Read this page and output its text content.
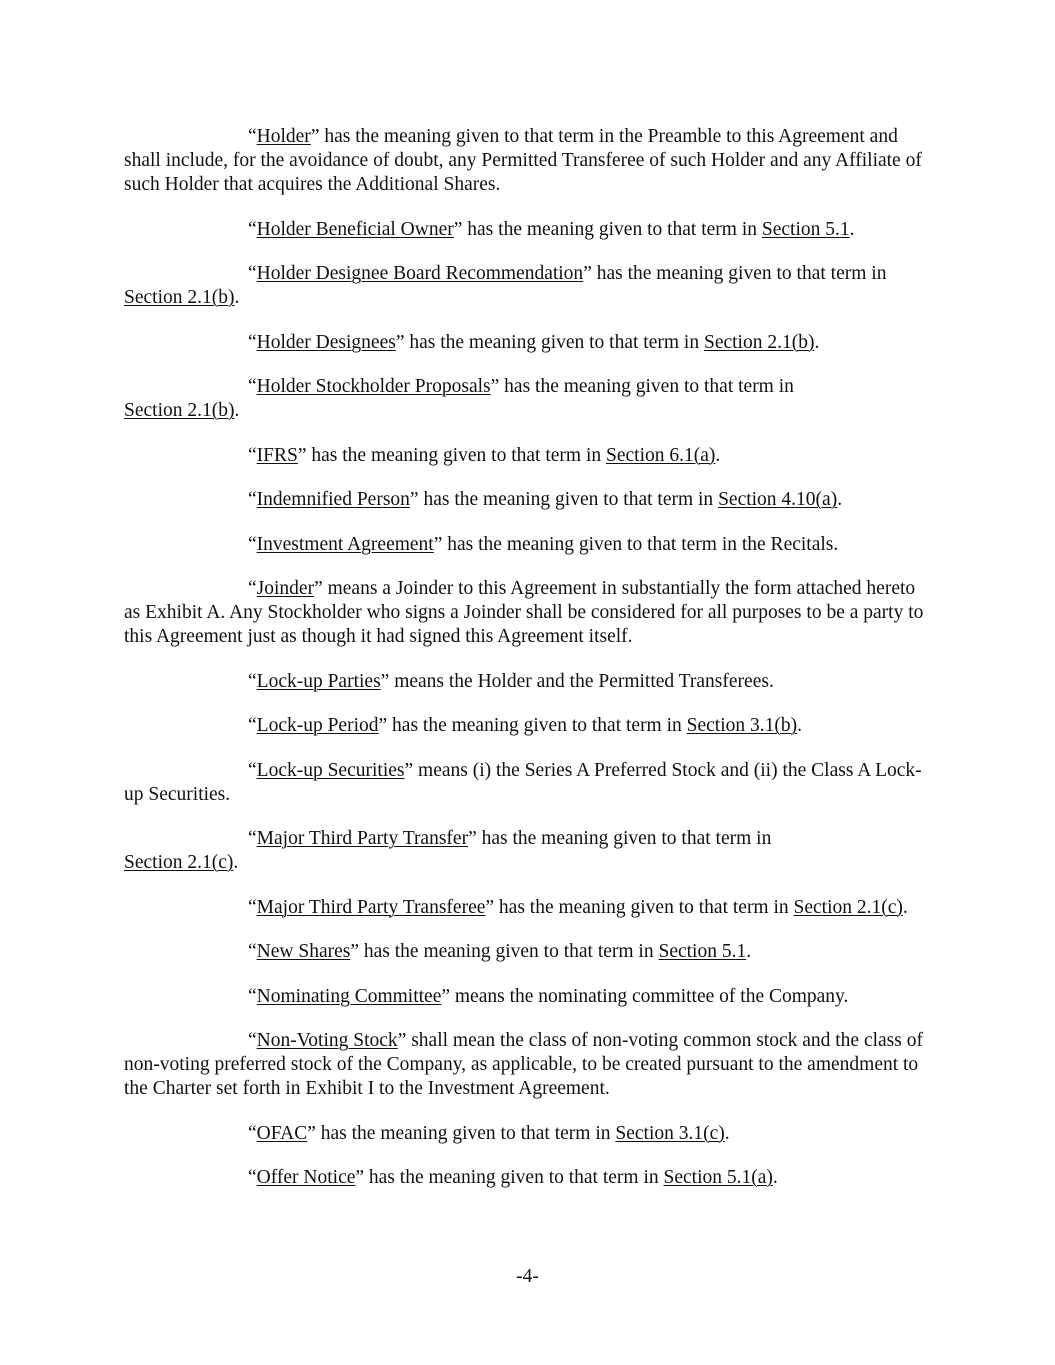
“Holder” has the meaning given to that term in the Preamble to this Agreement and shall include, for the avoidance of doubt, any Permitted Transferee of such Holder and any Affiliate of such Holder that acquires the Additional Shares.

“Holder Beneficial Owner” has the meaning given to that term in Section 5.1.

“Holder Designee Board Recommendation” has the meaning given to that term in Section 2.1(b).

“Holder Designees” has the meaning given to that term in Section 2.1(b).

“Holder Stockholder Proposals” has the meaning given to that term in
Section 2.1(b).

“IFRS” has the meaning given to that term in Section 6.1(a).

“Indemnified Person” has the meaning given to that term in Section 4.10(a).

“Investment Agreement” has the meaning given to that term in the Recitals.

“Joinder” means a Joinder to this Agreement in substantially the form attached hereto as Exhibit A. Any Stockholder who signs a Joinder shall be considered for all purposes to be a party to this Agreement just as though it had signed this Agreement itself.

“Lock-up Parties” means the Holder and the Permitted Transferees.

“Lock-up Period” has the meaning given to that term in Section 3.1(b).

“Lock-up Securities” means (i) the Series A Preferred Stock and (ii) the Class A Lock-up Securities.

“Major Third Party Transfer” has the meaning given to that term in
Section 2.1(c).

“Major Third Party Transferee” has the meaning given to that term in Section 2.1(c).

“New Shares” has the meaning given to that term in Section 5.1.

“Nominating Committee” means the nominating committee of the Company.

“Non-Voting Stock” shall mean the class of non-voting common stock and the class of non-voting preferred stock of the Company, as applicable, to be created pursuant to the amendment to the Charter set forth in Exhibit I to the Investment Agreement.

“OFAC” has the meaning given to that term in Section 3.1(c).

“Offer Notice” has the meaning given to that term in Section 5.1(a).

-4-
